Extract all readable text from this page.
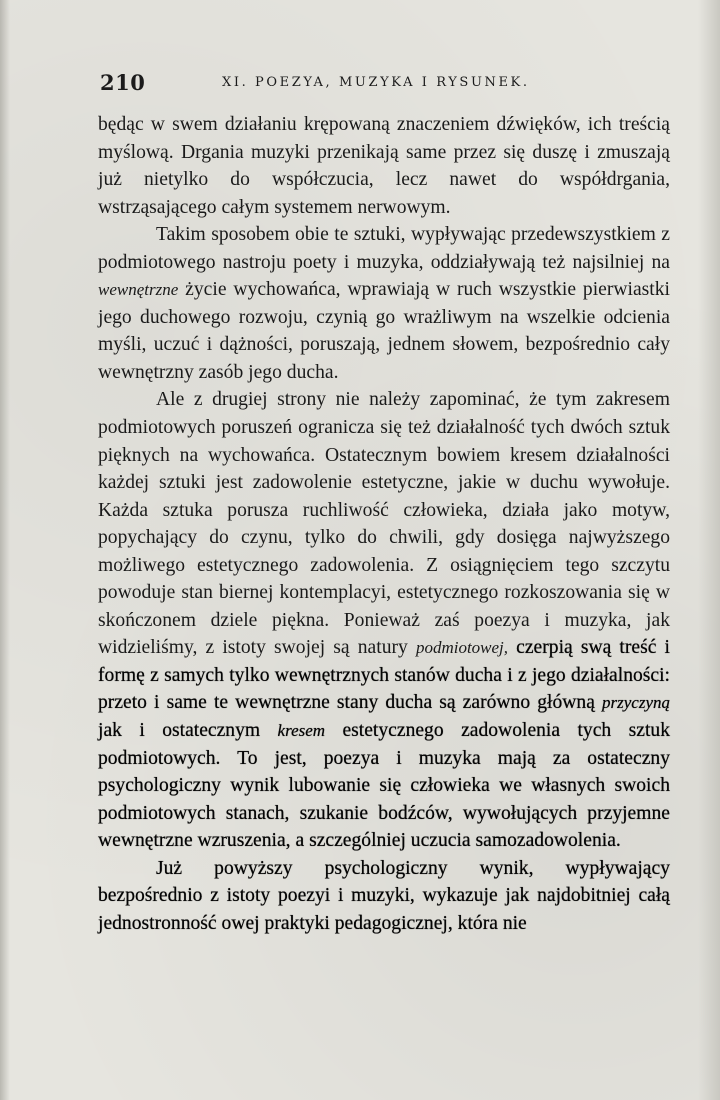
210	XI. POEZYA, MUZYKA I RYSUNEK.

będąc w swem działaniu krępowaną znaczeniem dźwięków, ich treścią myślową. Drgania muzyki przenikają same przez się duszę i zmuszają już nietylko do współczucia, lecz nawet do współdrgania, wstrząsającego całym systemem nerwowym.

Takim sposobem obie te sztuki, wypływając przedewszystkiem z podmiotowego nastroju poety i muzyka, oddziaływają też najsilniej na wewnętrzne życie wychowańca, wprawiają w ruch wszystkie pierwiastki jego duchowego rozwoju, czynią go wrażliwym na wszelkie odcienia myśli, uczuć i dążności, poruszają, jednem słowem, bezpośrednio cały wewnętrzny zasób jego ducha.

Ale z drugiej strony nie należy zapominać, że tym zakresem podmiotowych poruszeń ogranicza się też działalność tych dwóch sztuk pięknych na wychowańca. Ostatecznym bowiem kresem działalności każdej sztuki jest zadowolenie estetyczne, jakie w duchu wywołuje. Każda sztuka porusza ruchliwość człowieka, działa jako motyw, popychający do czynu, tylko do chwili, gdy dosięga najwyższego możliwego estetycznego zadowolenia. Z osiągnięciem tego szczytu powoduje stan biernej kontemplacyi, estetycznego rozkoszowania się w skończonem dziele piękna. Ponieważ zaś poezya i muzyka, jak widzieliśmy, z istoty swojej są natury podmiotowej, czerpią swą treść i formę z samych tylko wewnętrznych stanów ducha i z jego działalności: przeto i same te wewnętrzne stany ducha są zarówno główną przyczyną jak i ostatecznym kresem estetycznego zadowolenia tych sztuk podmiotowych. To jest, poezya i muzyka mają za ostateczny psychologiczny wynik lubowanie się człowieka we własnych swoich podmiotowych stanach, szukanie bodźców, wywołujących przyjemne wewnętrzne wzruszenia, a szczególniej uczucia samozadowolenia.

Już powyższy psychologiczny wynik, wypływający bezpośrednio z istoty poezyi i muzyki, wykazuje jak najdobitniej całą jednostronność owej praktyki pedagogicznej, która nie
